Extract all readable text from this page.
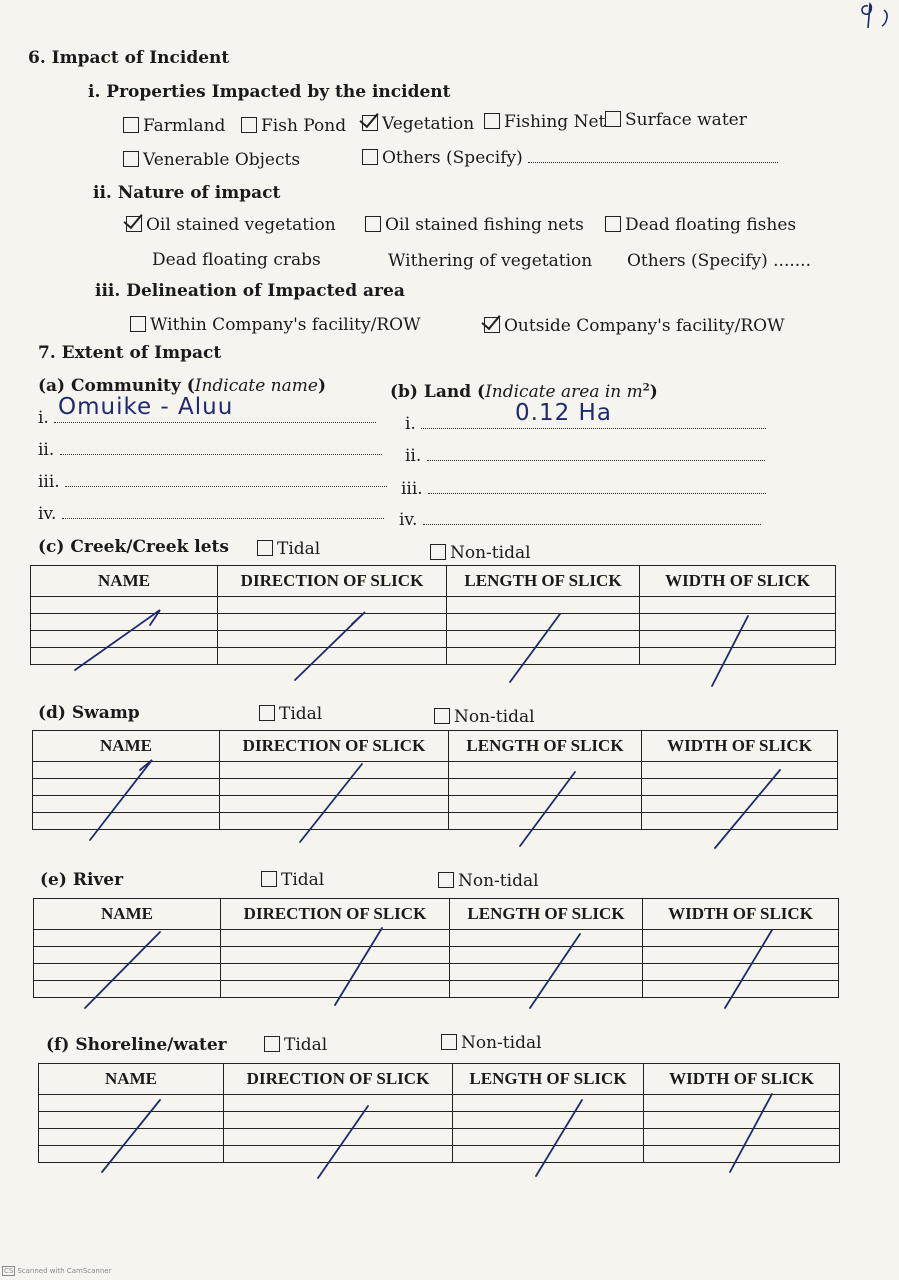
6. Impact of Incident
i. Properties Impacted by the incident
Farmland	Fish Pond	Vegetation	Fishing Net	Surface water
Venerable Objects	Others (Specify)
ii. Nature of impact
Oil stained vegetation	Oil stained fishing nets	Dead floating fishes
Dead floating crabs	Withering of vegetation Others (Specify) .......
iii. Delineation of Impacted area
Within Company's facility/ROW	Outside Company's facility/ROW
7. Extent of Impact
(a) Community (Indicate name)	(b) Land (Indicate area in $m^2$)
i. Omuike - Aluu
ii.
iii.
iv.
i.	0.12 Ha
ii.
iii.
iv.
(c) Creek/Creek lets	Tidal	Non-tidal
NAME	DIRECTION OF SLICK	LENGTH OF SLICK	WIDTH OF SLICK

(d) Swamp	Tidal	Non-tidal
NAME	DIRECTION OF SLICK	LENGTH OF SLICK	WIDTH OF SLICK

(e) River	Tidal	Non-tidal
NAME	DIRECTION OF SLICK	LENGTH OF SLICK	WIDTH OF SLICK

(f) Shoreline/water	Tidal	Non-tidal
NAME	DIRECTION OF SLICK	LENGTH OF SLICK	WIDTH OF SLICK

CS Scanned with CamScanner
